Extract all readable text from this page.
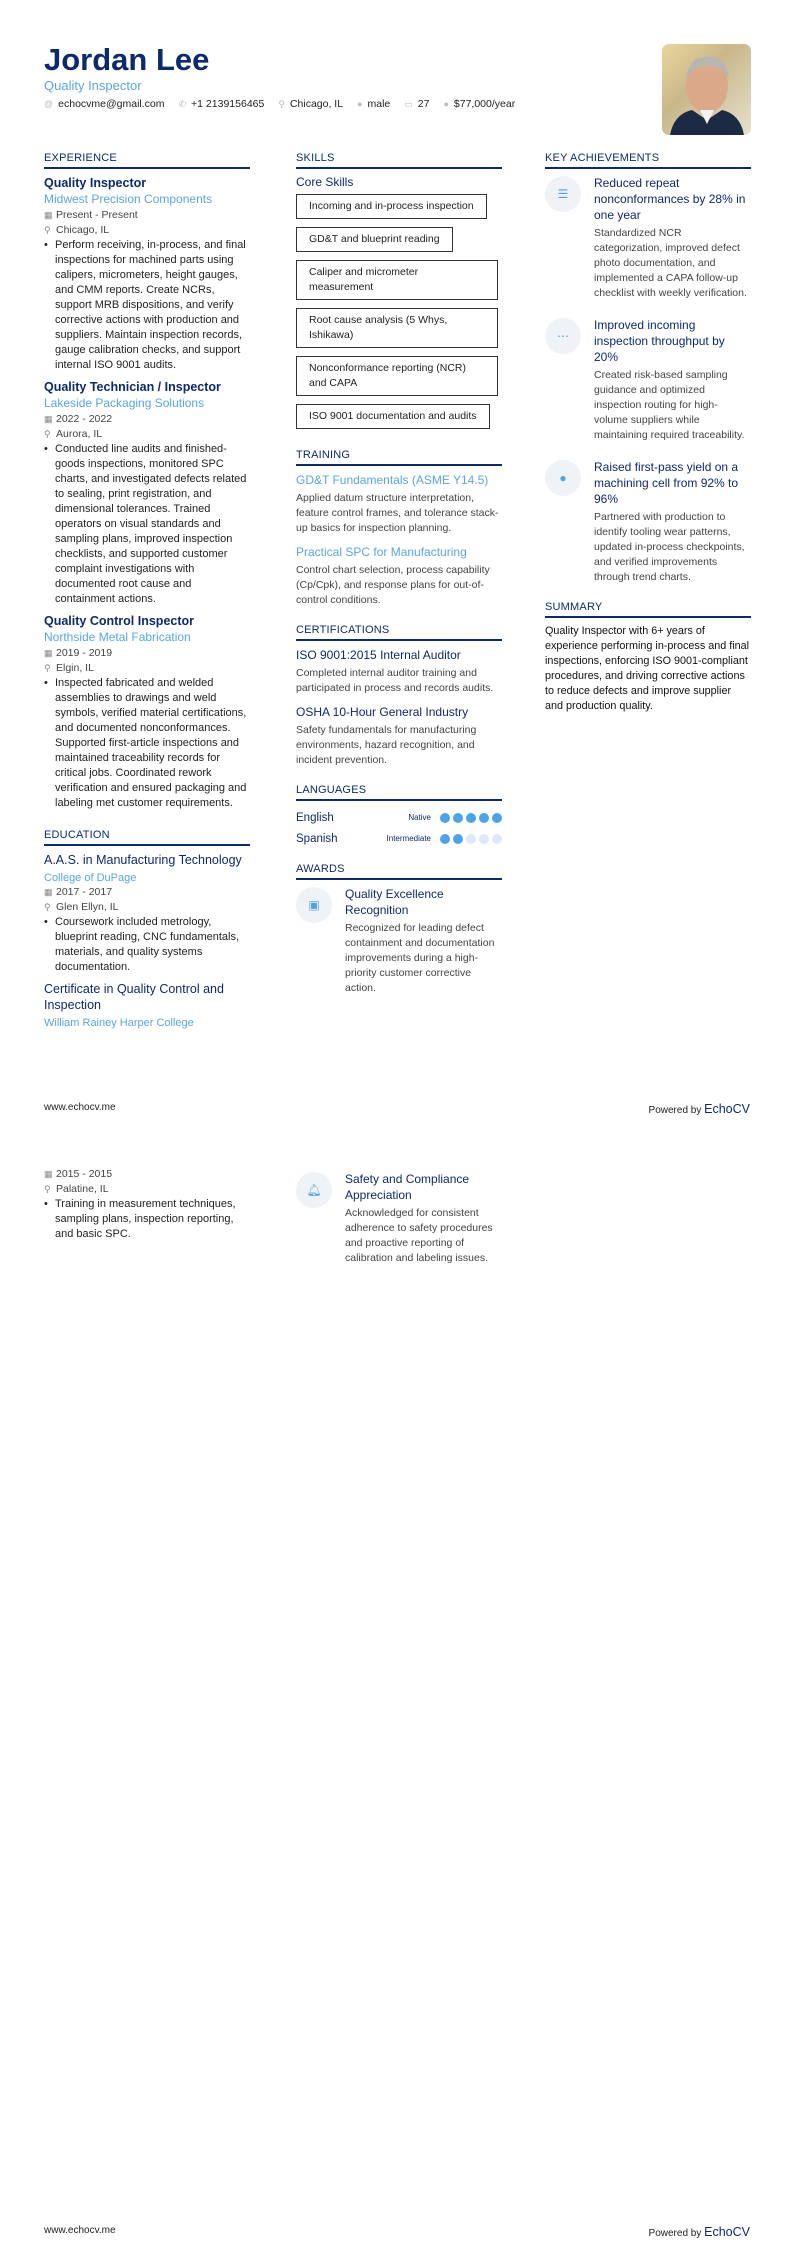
Jordan Lee
Quality Inspector
@ echocvme@gmail.com ✆ +1 2139156465 ⚲ Chicago, IL ● male ▭ 27 ● $77,000/year
EXPERIENCE
Quality Inspector
Midwest Precision Components
▦ Present - Present
⚲ Chicago, IL
• Perform receiving, in-process, and final inspections for machined parts using calipers, micrometers, height gauges, and CMM reports. Create NCRs, support MRB dispositions, and verify corrective actions with production and suppliers. Maintain inspection records, gauge calibration checks, and support internal ISO 9001 audits.
Quality Technician / Inspector
Lakeside Packaging Solutions
▦ 2022 - 2022
⚲ Aurora, IL
• Conducted line audits and finished-goods inspections, monitored SPC charts, and investigated defects related to sealing, print registration, and dimensional tolerances. Trained operators on visual standards and sampling plans, improved inspection checklists, and supported customer complaint investigations with documented root cause and containment actions.
Quality Control Inspector
Northside Metal Fabrication
▦ 2019 - 2019
⚲ Elgin, IL
• Inspected fabricated and welded assemblies to drawings and weld symbols, verified material certifications, and documented nonconformances. Supported first-article inspections and maintained traceability records for critical jobs. Coordinated rework verification and ensured packaging and labeling met customer requirements.
EDUCATION
A.A.S. in Manufacturing Technology
College of DuPage
▦ 2017 - 2017
⚲ Glen Ellyn, IL
• Coursework included metrology, blueprint reading, CNC fundamentals, materials, and quality systems documentation.
Certificate in Quality Control and Inspection
William Rainey Harper College
SKILLS
Core Skills
Incoming and in-process inspection
GD&T and blueprint reading
Caliper and micrometer measurement
Root cause analysis (5 Whys, Ishikawa)
Nonconformance reporting (NCR) and CAPA
ISO 9001 documentation and audits
TRAINING
GD&T Fundamentals (ASME Y14.5)
Applied datum structure interpretation, feature control frames, and tolerance stack-up basics for inspection planning.
Practical SPC for Manufacturing
Control chart selection, process capability (Cp/Cpk), and response plans for out-of-control conditions.
CERTIFICATIONS
ISO 9001:2015 Internal Auditor
Completed internal auditor training and participated in process and records audits.
OSHA 10-Hour General Industry
Safety fundamentals for manufacturing environments, hazard recognition, and incident prevention.
LANGUAGES
English	Native
Spanish	Intermediate
AWARDS
▣
Quality Excellence Recognition
Recognized for leading defect containment and documentation improvements during a high-priority customer corrective action.
KEY ACHIEVEMENTS
☰
Reduced repeat nonconformances by 28% in one year
Standardized NCR categorization, improved defect photo documentation, and implemented a CAPA follow-up checklist with weekly verification.
⋯
Improved incoming inspection throughput by 20%
Created risk-based sampling guidance and optimized inspection routing for high-volume suppliers while maintaining required traceability.
●
Raised first-pass yield on a machining cell from 92% to 96%
Partnered with production to identify tooling wear patterns, updated in-process checkpoints, and verified improvements through trend charts.
SUMMARY
Quality Inspector with 6+ years of experience performing in-process and final inspections, enforcing ISO 9001-compliant procedures, and driving corrective actions to reduce defects and improve supplier and production quality.
www.echocv.me	Powered by EchoCV
▦ 2015 - 2015
⚲ Palatine, IL
• Training in measurement techniques, sampling plans, inspection reporting, and basic SPC.
🔔︎
Safety and Compliance Appreciation
Acknowledged for consistent adherence to safety procedures and proactive reporting of calibration and labeling issues.
www.echocv.me	Powered by EchoCV
